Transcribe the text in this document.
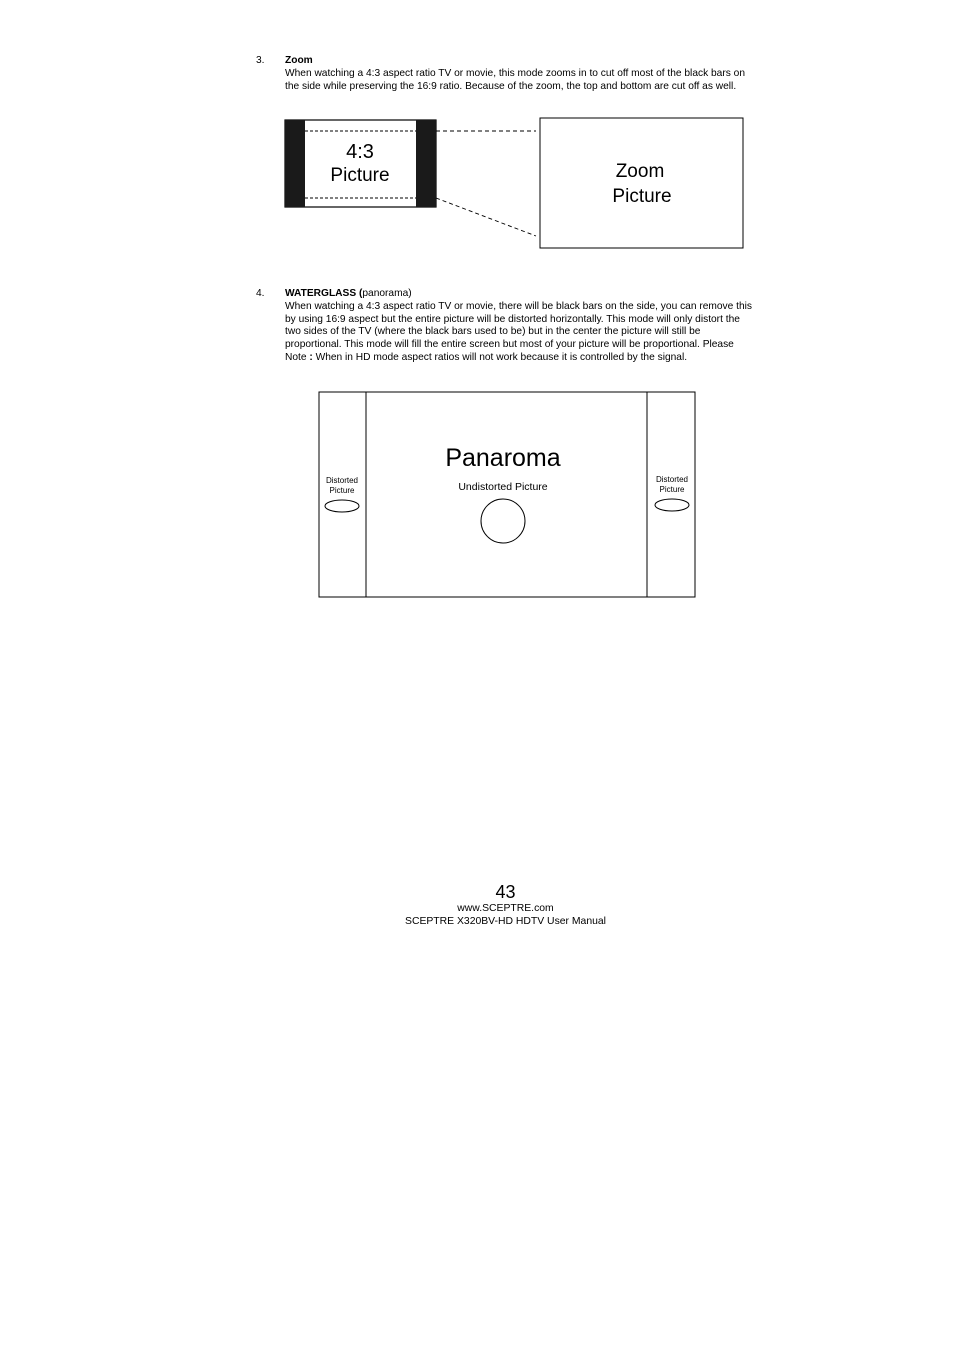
3. Zoom

When watching a 4:3 aspect ratio TV or movie, this mode zooms in to cut off most of the black bars on the side while preserving the 16:9 ratio. Because of the zoom, the top and bottom are cut off as well.

4:3
Picture	Zoom
Picture
4. WATERGLASS (panorama)

When watching a 4:3 aspect ratio TV or movie, there will be black bars on the side, you can remove this by using 16:9 aspect but the entire picture will be distorted horizontally. This mode will only distort the two sides of the TV (where the black bars used to be) but in the center the picture will still be proportional. This mode will fill the entire screen but most of your picture will be proportional. Please Note : When in HD mode aspect ratios will not work because it is controlled by the signal.

Panaroma
Undistorted Picture
Distorted
Picture
Distorted
Picture
43
www.SCEPTRE.com
SCEPTRE X320BV-HD HDTV User Manual
